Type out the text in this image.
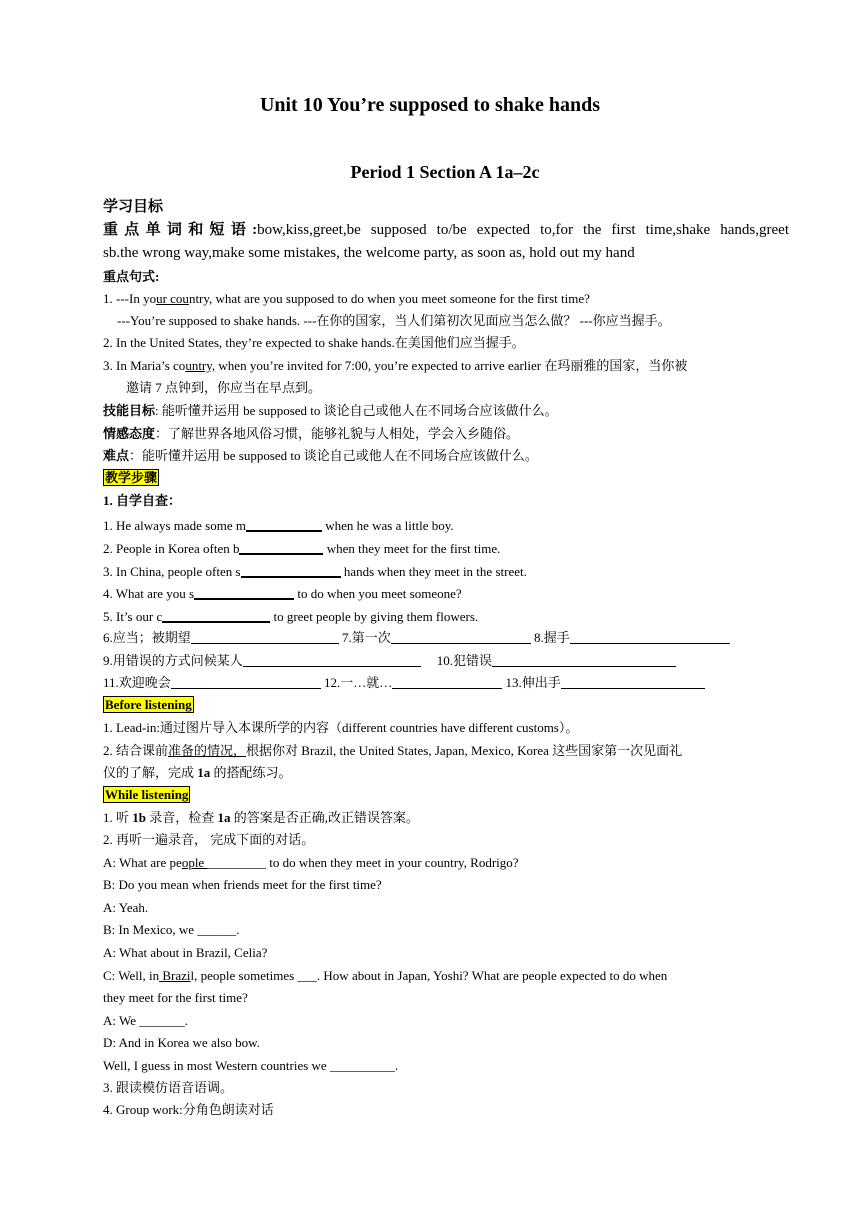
Unit 10 You’re supposed to shake hands
Period 1 Section A 1a–2c
学习目标
重点单词和短语:bow,kiss,greet,be supposed to/be expected to,for the first time,shake hands,greet
sb.the wrong way,make some mistakes, the welcome party, as soon as, hold out my hand
重点句式:
1. ---In your country, what are you supposed to do when you meet someone for the first time?
---You’re supposed to shake hands. ---在你的国家，当人们第初次见面应当怎么做？ ---你应当握手。
2. In the United States, they’re expected to shake hands.在美国他们应当握手。
3. In Maria’s country, when you’re invited for 7:00, you’re expected to arrive earlier 在玛丽雅的国家，当你被
邀请 7 点钟到，你应当在早点到。
技能目标: 能听懂并运用 be supposed to 谈论自己或他人在不同场合应该做什么。
情感态度：了解世界各地风俗习惯，能够礼貌与人相处，学会入乡随俗。
难点：能听懂并运用 be supposed to 谈论自己或他人在不同场合应该做什么。
教学步骤
1. 自学自查：
1. He always made some m	when he was a little boy.
2. People in Korea often b	when they meet for the first time.
3. In China, people often s	hands when they meet in the street.
4. What are you s	to do when you meet someone?
5. It’s our c	to greet people by giving them flowers.
6.应当；被期望	7.第一次	8.握手
9.用错误的方式问候某人	10.犯错误
11.欢迎晚会	12.一…就…	13.伸出手
Before listening
1. Lead-in:通过图片导入本课所学的内容（different countries have different customs）。
2. 结合课前准备的情况，根据你对 Brazil, the United States, Japan, Mexico, Korea 这些国家第一次见面礼
仪的了解，完成 1a 的搭配练习。
While listening
1. 听 1b 录音，检查 1a 的答案是否正确,改正错误答案。
2. 再听一遍录音， 完成下面的对话。
A: What are people _________ to do when they meet in your country, Rodrigo?
B: Do you mean when friends meet for the first time?
A: Yeah.
B: In Mexico, we ______.
A: What about in Brazil, Celia?
C: Well, in Brazil, people sometimes ___. How about in Japan, Yoshi? What are people expected to do when
they meet for the first time?
A: We _______.
D: And in Korea we also bow.
Well, I guess in most Western countries we __________.
3. 跟读模仿语音语调。
4. Group work:分角色朗读对话
